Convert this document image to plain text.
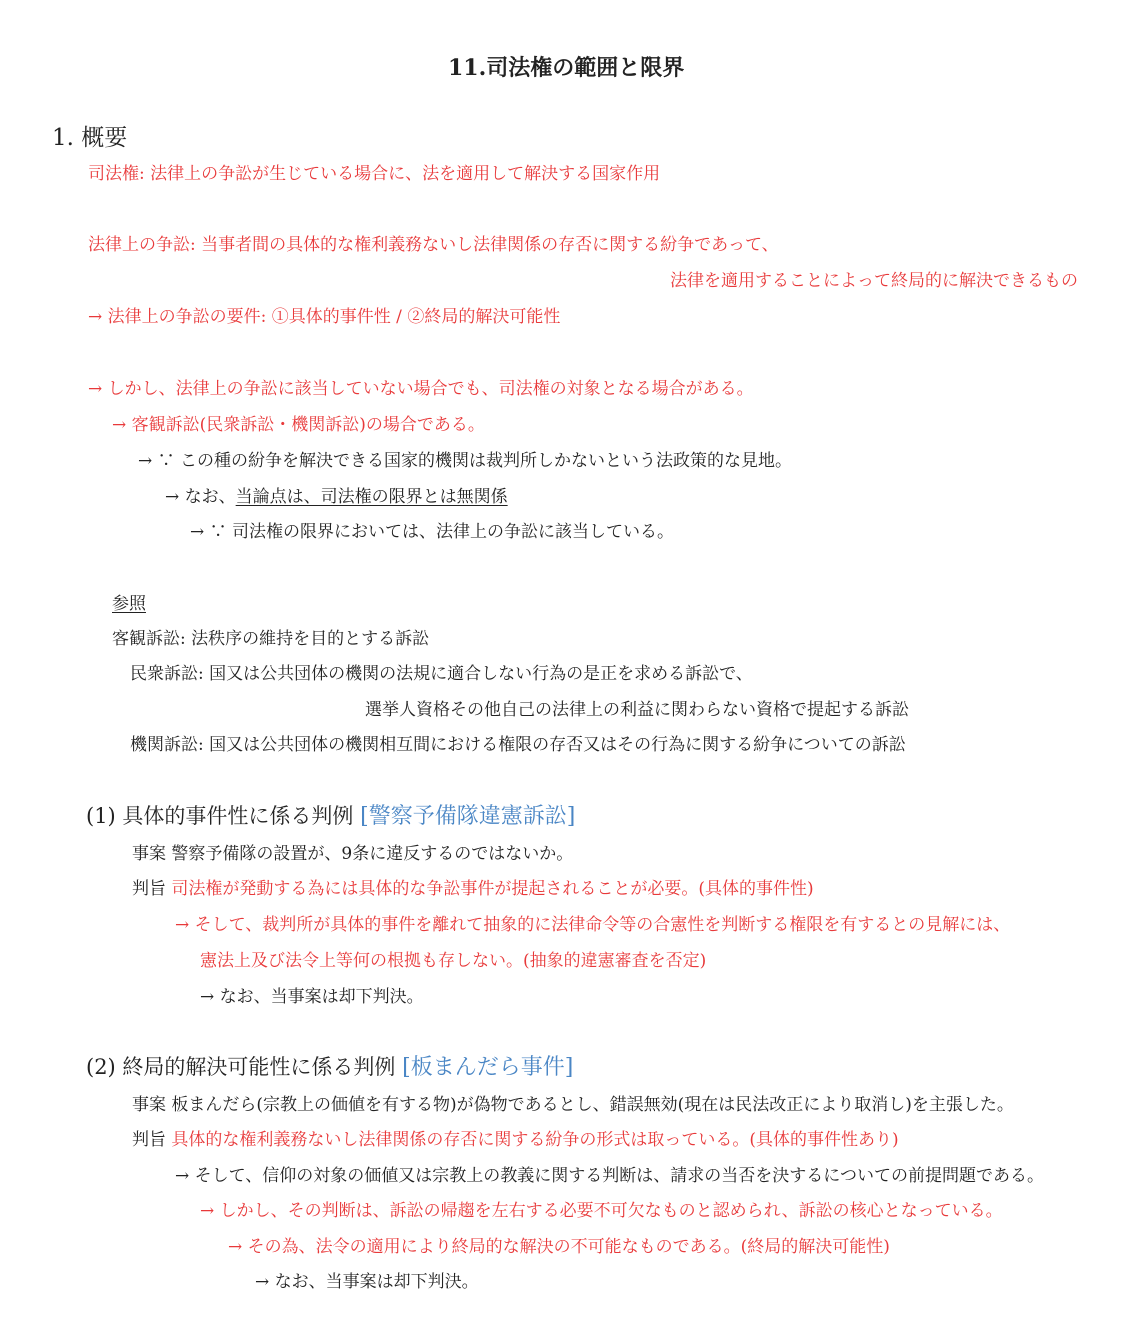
11.司法権の範囲と限界
1. 概要
司法権: 法律上の争訟が生じている場合に、法を適用して解決する国家作用
法律上の争訟: 当事者間の具体的な権利義務ないし法律関係の存否に関する紛争であって、
法律を適用することによって終局的に解決できるもの
→ 法律上の争訟の要件: ①具体的事件性 / ②終局的解決可能性
→ しかし、法律上の争訟に該当していない場合でも、司法権の対象となる場合がある。
→ 客観訴訟(民衆訴訟・機関訴訟)の場合である。
→ ∵ この種の紛争を解決できる国家的機関は裁判所しかないという法政策的な見地。
→ なお、当論点は、司法権の限界とは無関係
→ ∵ 司法権の限界においては、法律上の争訟に該当している。
参照
客観訴訟: 法秩序の維持を目的とする訴訟
民衆訴訟: 国又は公共団体の機関の法規に適合しない行為の是正を求める訴訟で、
選挙人資格その他自己の法律上の利益に関わらない資格で提起する訴訟
機関訴訟: 国又は公共団体の機関相互間における権限の存否又はその行為に関する紛争についての訴訟
(1) 具体的事件性に係る判例 [警察予備隊違憲訴訟]
事案 警察予備隊の設置が、9条に違反するのではないか。
判旨 司法権が発動する為には具体的な争訟事件が提起されることが必要。(具体的事件性)
→ そして、裁判所が具体的事件を離れて抽象的に法律命令等の合憲性を判断する権限を有するとの見解には、
憲法上及び法令上等何の根拠も存しない。(抽象的違憲審査を否定)
→ なお、当事案は却下判決。
(2) 終局的解決可能性に係る判例 [板まんだら事件]
事案 板まんだら(宗教上の価値を有する物)が偽物であるとし、錯誤無効(現在は民法改正により取消し)を主張した。
判旨 具体的な権利義務ないし法律関係の存否に関する紛争の形式は取っている。(具体的事件性あり)
→ そして、信仰の対象の価値又は宗教上の教義に関する判断は、請求の当否を決するについての前提問題である。
→ しかし、その判断は、訴訟の帰趨を左右する必要不可欠なものと認められ、訴訟の核心となっている。
→ その為、法令の適用により終局的な解決の不可能なものである。(終局的解決可能性)
→ なお、当事案は却下判決。
